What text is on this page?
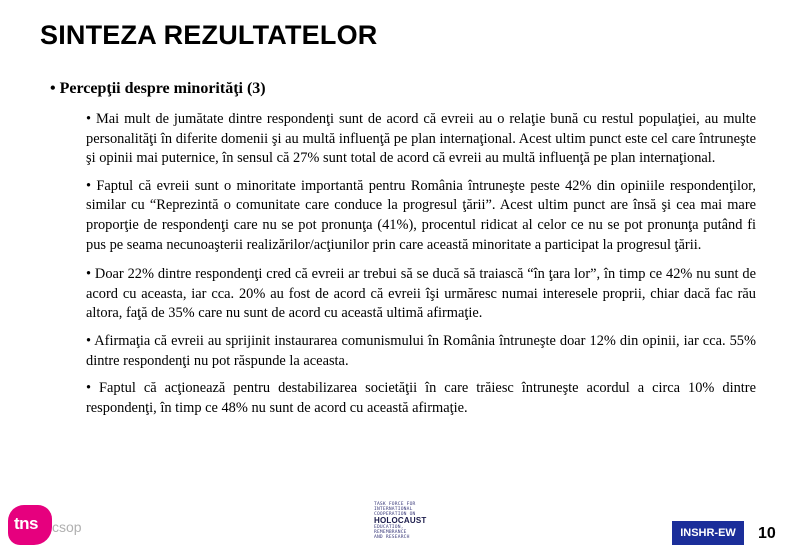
SINTEZA REZULTATELOR
• Percepţii despre minorităţi (3)

• Mai mult de jumătate dintre respondenţi sunt de acord că evreii au o relaţie bună cu restul populaţiei, au multe personalităţi în diferite domenii şi au multă influenţă pe plan internaţional. Acest ultim punct este cel care întruneşte şi opinii mai puternice, în sensul că 27% sunt total de acord că evreii au multă influenţă pe plan internaţional.

• Faptul că evreii sunt o minoritate importantă pentru România întruneşte peste 42% din opiniile respondenţilor, similar cu “Reprezintă o comunitate care conduce la progresul ţării”. Acest ultim punct are însă şi cea mai mare proporţie de respondenţi care nu se pot pronunţa (41%), procentul ridicat al celor ce nu se pot pronunţa putând fi pus pe seama necunoaşterii realizărilor/acţiunilor prin care această minoritate a participat la progresul ţării.

• Doar 22% dintre respondenţi cred că evreii ar trebui să se ducă să traiască “în ţara lor”, în timp ce 42% nu sunt de acord cu aceasta, iar cca. 20% au fost de acord că evreii îşi urmăresc numai interesele proprii, chiar dacă fac rău altora, faţă de 35% care nu sunt de acord cu această ultimă afirmaţie.

• Afirmaţia că evreii au sprijinit instaurarea comunismului în România întruneşte doar 12% din opinii, iar cca. 55% dintre respondenţi nu pot răspunde la aceasta.

• Faptul că acţionează pentru destabilizarea societăţii în care trăiesc întruneşte acordul a circa 10% dintre respondenţi, în timp ce 48% nu sunt de acord cu această afirmaţie.

tns csop
TASK FORCE FOR
INTERNATIONAL
COOPERATION ON
HOLOCAUST
EDUCATION,
REMEMBRANCE
AND RESEARCH	INSHR-EW	10
